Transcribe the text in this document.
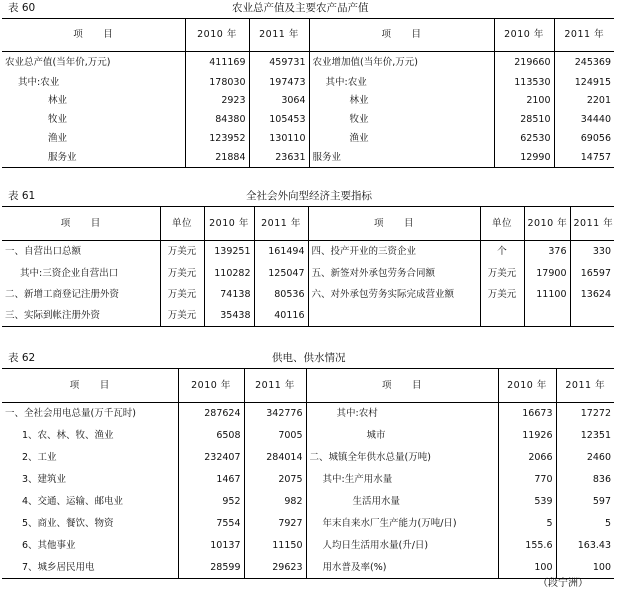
表 60	农业总产值及主要农产品产值
项　　目	2010 年	2011 年	项　　目	2010 年	2011 年
农业总产值(当年价,万元)	411169	459731	农业增加值(当年价,万元)	219660	245369
其中:农业	178030	197473	其中:农业	113530	124915
林业	2923	3064	林业	2100	2201
牧业	84380	105453	牧业	28510	34440
渔业	123952	130110	渔业	62530	69056
服务业	21884	23631	服务业	12990	14757
表 61	全社会外向型经济主要指标
项　　目	单位	2010 年	2011 年	项　　目	单位	2010 年	2011 年
一、自营出口总额	万美元	139251	161494	四、投产开业的三资企业	个	376	330
其中:三资企业自营出口	万美元	110282	125047	五、新签对外承包劳务合同额	万美元	17900	16597
二、新增工商登记注册外资	万美元	74138	80536	六、对外承包劳务实际完成营业额	万美元	11100	13624
三、实际到帐注册外资	万美元	35438	40116				
表 62	供电、供水情况
项　　目	2010 年	2011 年	项　　目	2010 年	2011 年
一、全社会用电总量(万千瓦时)	287624	342776	其中:农村	16673	17272
1、农、林、牧、渔业	6508	7005	城市	11926	12351
2、工业	232407	284014	二、城镇全年供水总量(万吨)	2066	2460
3、建筑业	1467	2075	其中:生产用水量	770	836
4、交通、运输、邮电业	952	982	生活用水量	539	597
5、商业、餐饮、物资	7554	7927	年末自来水厂生产能力(万吨/日)	5	5
6、其他事业	10137	11150	人均日生活用水量(升/日)	155.6	163.43
7、城乡居民用电	28599	29623	用水普及率(%)	100	100
（段宁洲）
